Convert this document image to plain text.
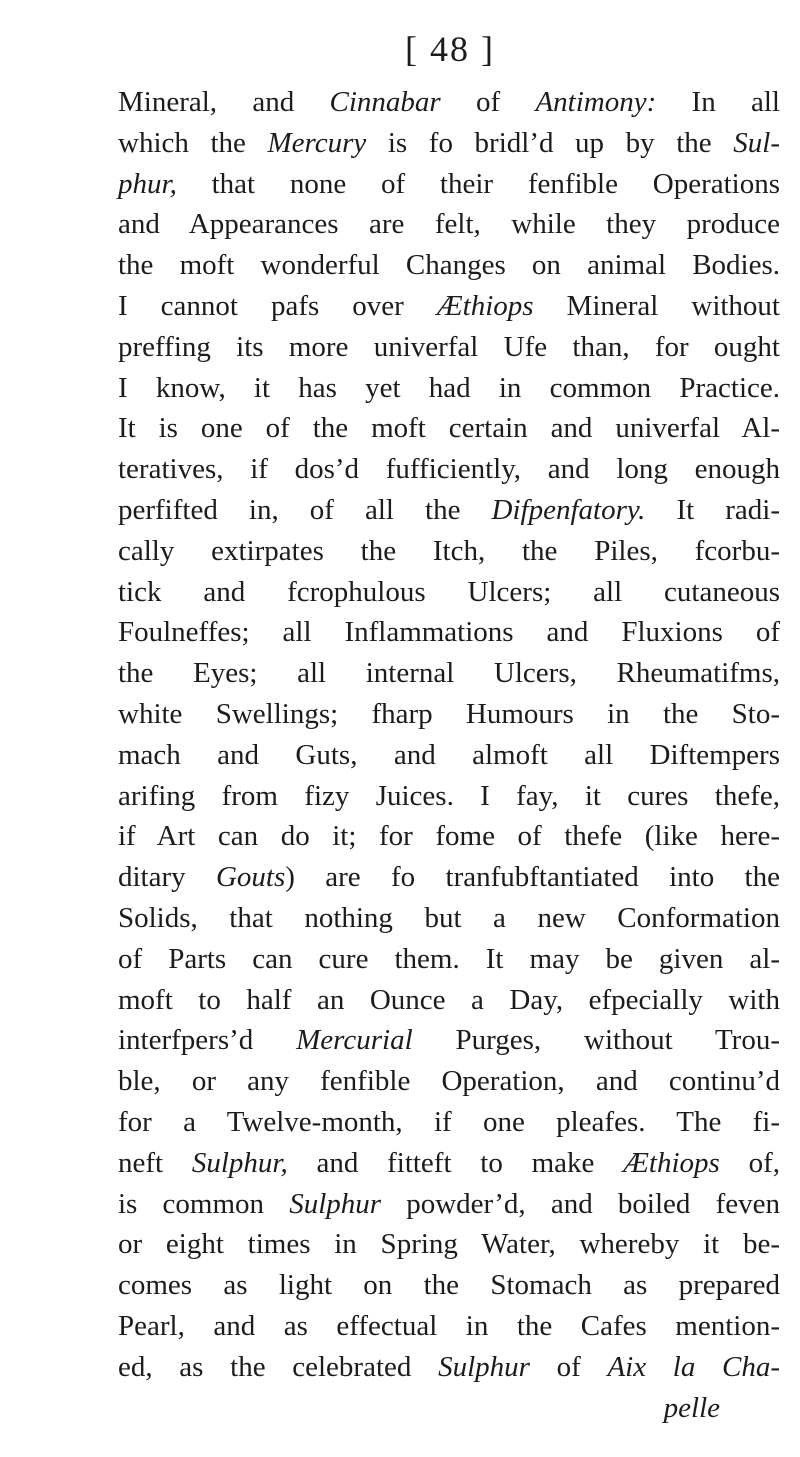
[ 48 ]
Mineral, and Cinnabar of Antimony: In all
which the Mercury is fo bridl’d up by the Sul-
phur, that none of their fenfible Operations
and Appearances are felt, while they produce
the moft wonderful Changes on animal Bodies.
I cannot pafs over Æthiops Mineral without
preffing its more univerfal Ufe than, for ought
I know, it has yet had in common Practice.
It is one of the moft certain and univerfal Al-
teratives, if dos’d fufficiently, and long enough
perfifted in, of all the Difpenfatory. It radi-
cally extirpates the Itch, the Piles, fcorbu-
tick and fcrophulous Ulcers; all cutaneous
Foulneffes; all Inflammations and Fluxions of
the Eyes; all internal Ulcers, Rheumatifms,
white Swellings; fharp Humours in the Sto-
mach and Guts, and almoft all Diftempers
arifing from fizy Juices. I fay, it cures thefe,
if Art can do it; for fome of thefe (like here-
ditary Gouts) are fo tranfubftantiated into the
Solids, that nothing but a new Conformation
of Parts can cure them. It may be given al-
moft to half an Ounce a Day, efpecially with
interfpers’d Mercurial Purges, without Trou-
ble, or any fenfible Operation, and continu’d
for a Twelve-month, if one pleafes. The fi-
neft Sulphur, and fitteft to make Æthiops of,
is common Sulphur powder’d, and boiled feven
or eight times in Spring Water, whereby it be-
comes as light on the Stomach as prepared
Pearl, and as effectual in the Cafes mention-
ed, as the celebrated Sulphur of Aix la Cha-
pelle
